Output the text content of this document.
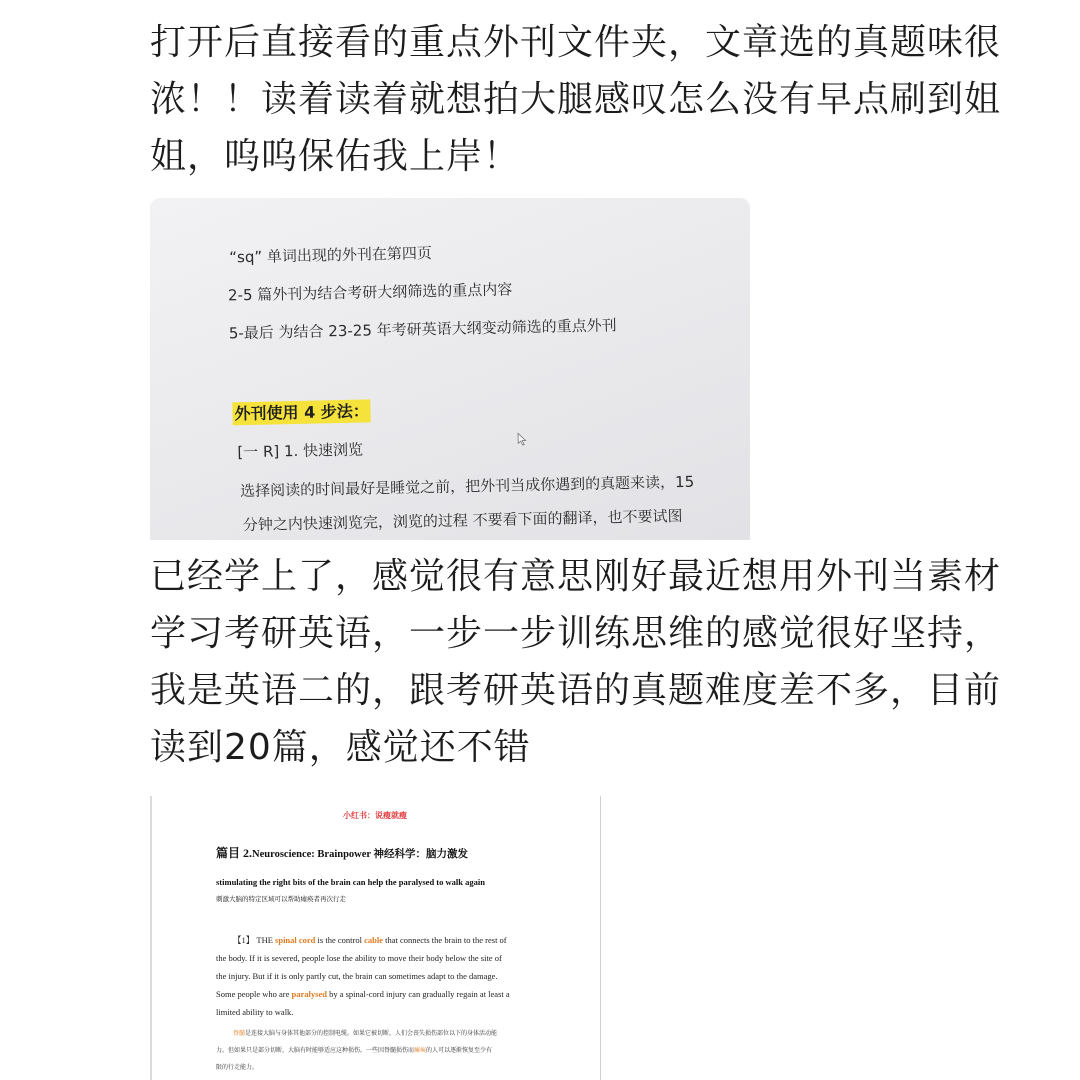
打开后直接看的重点外刊文件夹，文章选的真题味很
浓！！读着读着就想拍大腿感叹怎么没有早点刷到姐
姐，呜呜保佑我上岸！
“sq” 单词出现的外刊在第四页
2-5 篇外刊为结合考研大纲筛选的重点内容
5-最后 为结合 23-25 年考研英语大纲变动筛选的重点外刊
外刊使用 4 步法：
[一 R] 1. 快速浏览
选择阅读的时间最好是睡觉之前，把外刊当成你遇到的真题来读，15
分钟之内快速浏览完，浏览的过程 不要看下面的翻译，也不要试图
已经学上了，感觉很有意思刚好最近想用外刊当素材
学习考研英语，一步一步训练思维的感觉很好坚持，
我是英语二的，跟考研英语的真题难度差不多，目前
读到20篇，感觉还不错
小红书：说瘦就瘦
篇目 2.Neuroscience: Brainpower 神经科学：脑力激发
stimulating the right bits of the brain can help the paralysed to walk again
刺激大脑的特定区域可以帮助瘫痪者再次行走
【1】 THE spinal cord is the control cable that connects the brain to the rest of
the body. If it is severed, people lose the ability to move their body below the site of
the injury. But if it is only partly cut, the brain can sometimes adapt to the damage.
Some people who are paralysed by a spinal-cord injury can gradually regain at least a
limited ability to walk.
脊髓是连接大脑与身体其他部分的控制电缆。如果它被切断，人们会丧失损伤部位以下的身体活动能
力。但如果只是部分切断，大脑有时能够适应这种损伤。一些因脊髓损伤而瘫痪的人可以逐渐恢复至少有
限的行走能力。
